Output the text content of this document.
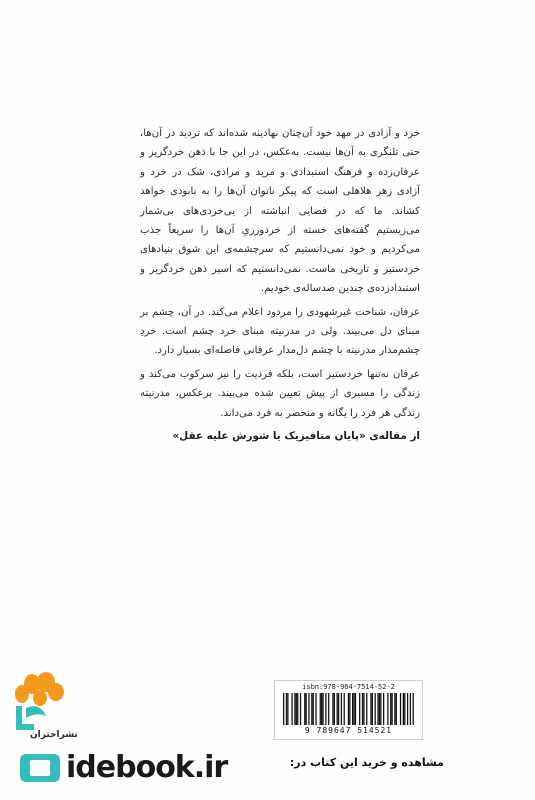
خرد و آزادی در مهد خود آن‌چنان نهادینه شده‌اند که تردید در آن‌ها، حتی تلنگری به آن‌ها نیست. به‌عکس، در این جا با ذهن خردگریز و عرفان‌زده و فرهنگ استبدادی و مرید و مرادی، شک در خرد و آزادی زهر هلاهلی است که پیکر ناتوان آن‌ها را به نابودی خواهد کشاند. ما که در فضایی انباشته از بی‌خردی‌های بی‌شمار می‌زیستیم گفته‌های خسته از خردورزیِ آن‌ها را سریعاً جذب می‌کردیم و خود نمی‌دانستیم که سرچشمه‌ی این شوق بنیادهای خردستیز و تاریخی ماست. نمی‌دانستیم که اسیر ذهن خردگریز و استبدادزده‌ی چندین صدساله‌ی خودیم.

عرفان، شناخت غیرشهودی را مردود اعلام می‌کند. در آن، چشم بر مبنای دل می‌بیند. ولی در مدرنیته مبنای خرد چشم است. خردِ چشم‌مدار مدرنیته با چشم دل‌مدار عرفانی فاصله‌ای بسیار دارد.

عرفان نه‌تنها خردستیز است، بلکه فردیت را نیز سرکوب می‌کند و زندگی را مسیری از پیش تعیین شده می‌بیند. برعکس، مدرنیته زندگی هر فرد را یگانه و منحصر به فرد می‌داند.

از مقاله‌ی «پایان متافیزیک یا شورش علیه عقل»
نشراختران
isbn:978-964-7514-52-2
9 789647 514521
idebook.ir	مشاهده و خرید این کتاب در:
